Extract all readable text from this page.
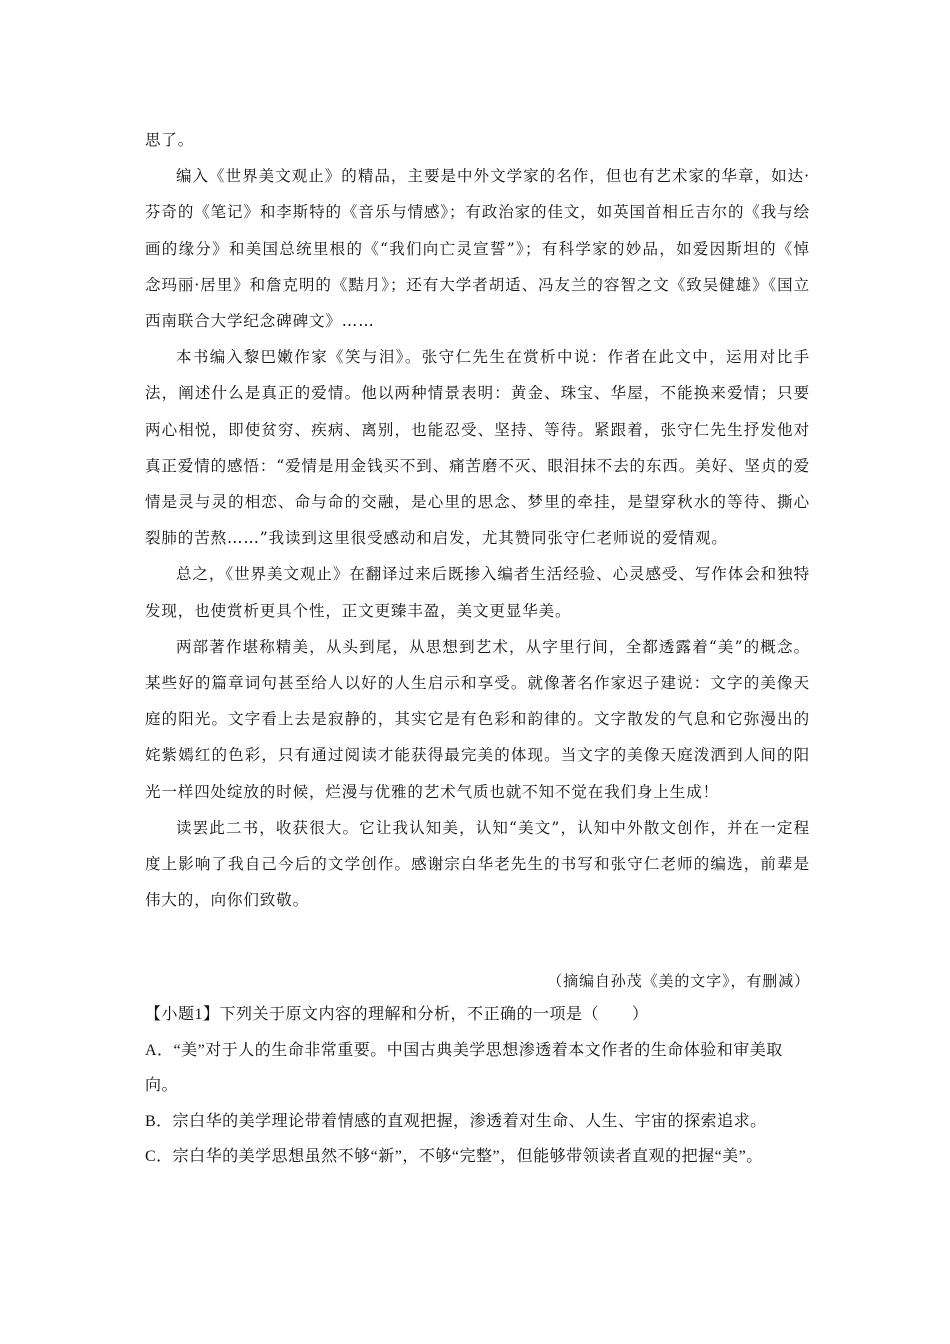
思了。

编入《世界美文观止》的精品，主要是中外文学家的名作，但也有艺术家的华章，如达·芬奇的《笔记》和李斯特的《音乐与情感》；有政治家的佳文，如英国首相丘吉尔的《我与绘画的缘分》和美国总统里根的《“我们向亡灵宣誓”》；有科学家的妙品，如爱因斯坦的《悼念玛丽·居里》和詹克明的《黠月》；还有大学者胡适、冯友兰的容智之文《致吴健雄》《国立西南联合大学纪念碑碑文》……

本书编入黎巴嫩作家《笑与泪》。张守仁先生在赏析中说：作者在此文中，运用对比手法，阐述什么是真正的爱情。他以两种情景表明：黄金、珠宝、华屋，不能换来爱情；只要两心相悦，即使贫穷、疾病、离别，也能忍受、坚持、等待。紧跟着，张守仁先生抒发他对真正爱情的感悟：“爱情是用金钱买不到、痛苦磨不灭、眼泪抹不去的东西。美好、坚贞的爱情是灵与灵的相恋、命与命的交融，是心里的思念、梦里的牵挂，是望穿秋水的等待、撕心裂肺的苦熬……”我读到这里很受感动和启发，尤其赞同张守仁老师说的爱情观。

总之，《世界美文观止》在翻译过来后既掺入编者生活经验、心灵感受、写作体会和独特发现，也使赏析更具个性，正文更臻丰盈，美文更显华美。

两部著作堪称精美，从头到尾，从思想到艺术，从字里行间，全都透露着“美”的概念。某些好的篇章词句甚至给人以好的人生启示和享受。就像著名作家迟子建说：文字的美像天庭的阳光。文字看上去是寂静的，其实它是有色彩和韵律的。文字散发的气息和它弥漫出的姹紫嫣红的色彩，只有通过阅读才能获得最完美的体现。当文字的美像天庭泼洒到人间的阳光一样四处绽放的时候，烂漫与优雅的艺术气质也就不知不觉在我们身上生成！

读罢此二书，收获很大。它让我认知美，认知“美文”，认知中外散文创作，并在一定程度上影响了我自己今后的文学创作。感谢宗白华老先生的书写和张守仁老师的编选，前辈是伟大的，向你们致敬。

（摘编自孙茂《美的文字》，有删减）

【小题1】下列关于原文内容的理解和分析，不正确的一项是（　　）

A．“美”对于人的生命非常重要。中国古典美学思想渗透着本文作者的生命体验和审美取向。

B．宗白华的美学理论带着情感的直观把握，渗透着对生命、人生、宇宙的探索追求。

C．宗白华的美学思想虽然不够“新”，不够“完整”，但能够带领读者直观的把握“美”。
